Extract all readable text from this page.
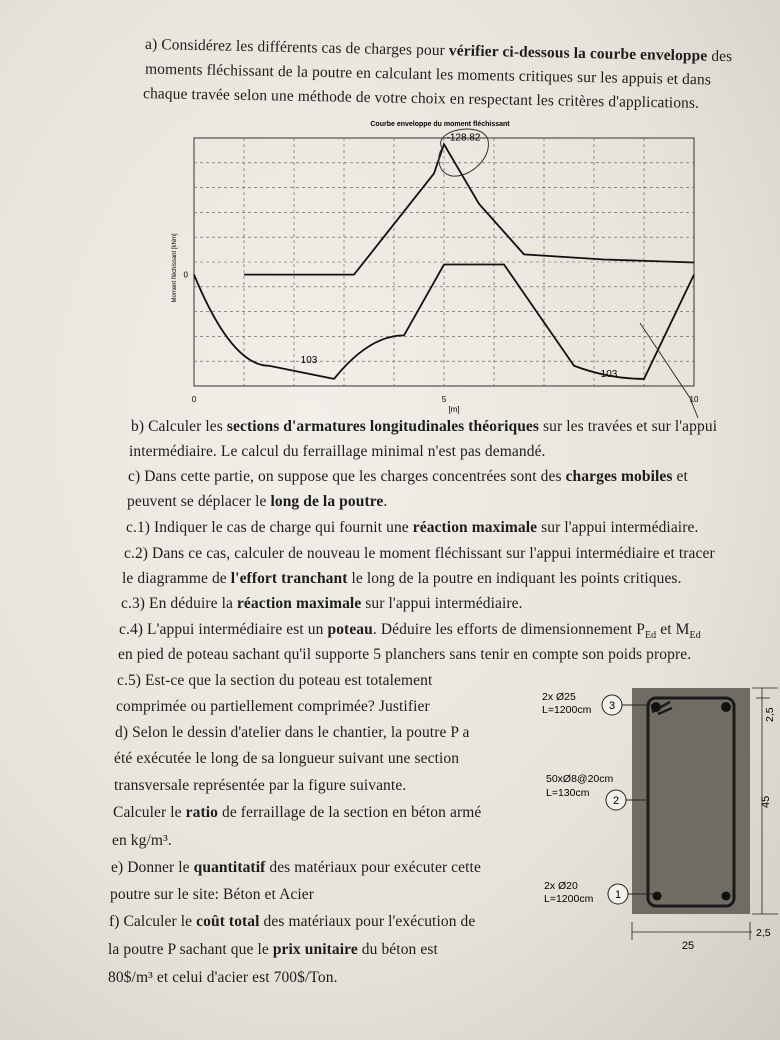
a) Considérez les différents cas de charges pour vérifier ci-dessous la courbe enveloppe des
moments fléchissant de la poutre en calculant les moments critiques sur les appuis et dans
chaque travée selon une méthode de votre choix en respectant les critères d'applications.
Courbe enveloppe du moment fléchissant
Moment fléchissant [kNm]
[m]
0	5	10
0
-128.82
103
103
b) Calculer les sections d'armatures longitudinales théoriques sur les travées et sur l'appui
intermédiaire. Le calcul du ferraillage minimal n'est pas demandé.
c) Dans cette partie, on suppose que les charges concentrées sont des charges mobiles et
peuvent se déplacer le long de la poutre.
c.1) Indiquer le cas de charge qui fournit une réaction maximale sur l'appui intermédiaire.
c.2) Dans ce cas, calculer de nouveau le moment fléchissant sur l'appui intermédiaire et tracer
le diagramme de l'effort tranchant le long de la poutre en indiquant les points critiques.
c.3) En déduire la réaction maximale sur l'appui intermédiaire.
c.4) L'appui intermédiaire est un poteau. Déduire les efforts de dimensionnement $P_{Ed}$ et $M_{Ed}$
en pied de poteau sachant qu'il supporte 5 planchers sans tenir en compte son poids propre.
c.5) Est-ce que la section du poteau est totalement
comprimée ou partiellement comprimée? Justifier
d) Selon le dessin d'atelier dans le chantier, la poutre P a
été exécutée le long de sa longueur suivant une section
transversale représentée par la figure suivante.
Calculer le ratio de ferraillage de la section en béton armé
en kg/m³.
e) Donner le quantitatif des matériaux pour exécuter cette
poutre sur le site: Béton et Acier
f) Calculer le coût total des matériaux pour l'exécution de
la poutre P sachant que le prix unitaire du béton est
80$/m³ et celui d'acier est 700$/Ton.
2x Ø25
L=1200cm 3
50xØ8@20cm
L=130cm
2
2x Ø20
L=1200cm 1
2,5
45
25
2,5
